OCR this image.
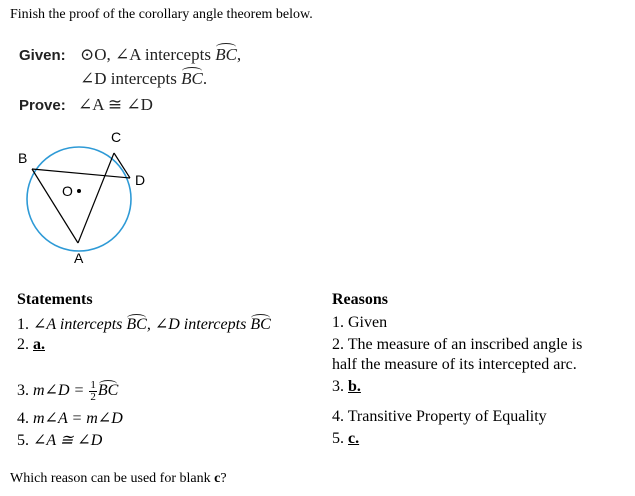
Finish the proof of the corollary angle theorem below.
Given: ⊙O, ∠A intercepts BC,
∠D intercepts BC.
Prove: ∠A ≅ ∠D
B
C
D
A
O
Statements	Reasons
1. ∠A intercepts BC, ∠D intercepts BC
2. a.
3. m∠D = $\frac{1}{2}$ BC
4. m∠A = m∠D
5. ∠A ≅ ∠D
1. Given
2. The measure of an inscribed angle is
half the measure of its intercepted arc.
3. b.
4. Transitive Property of Equality
5. c.
Which reason can be used for blank c?
